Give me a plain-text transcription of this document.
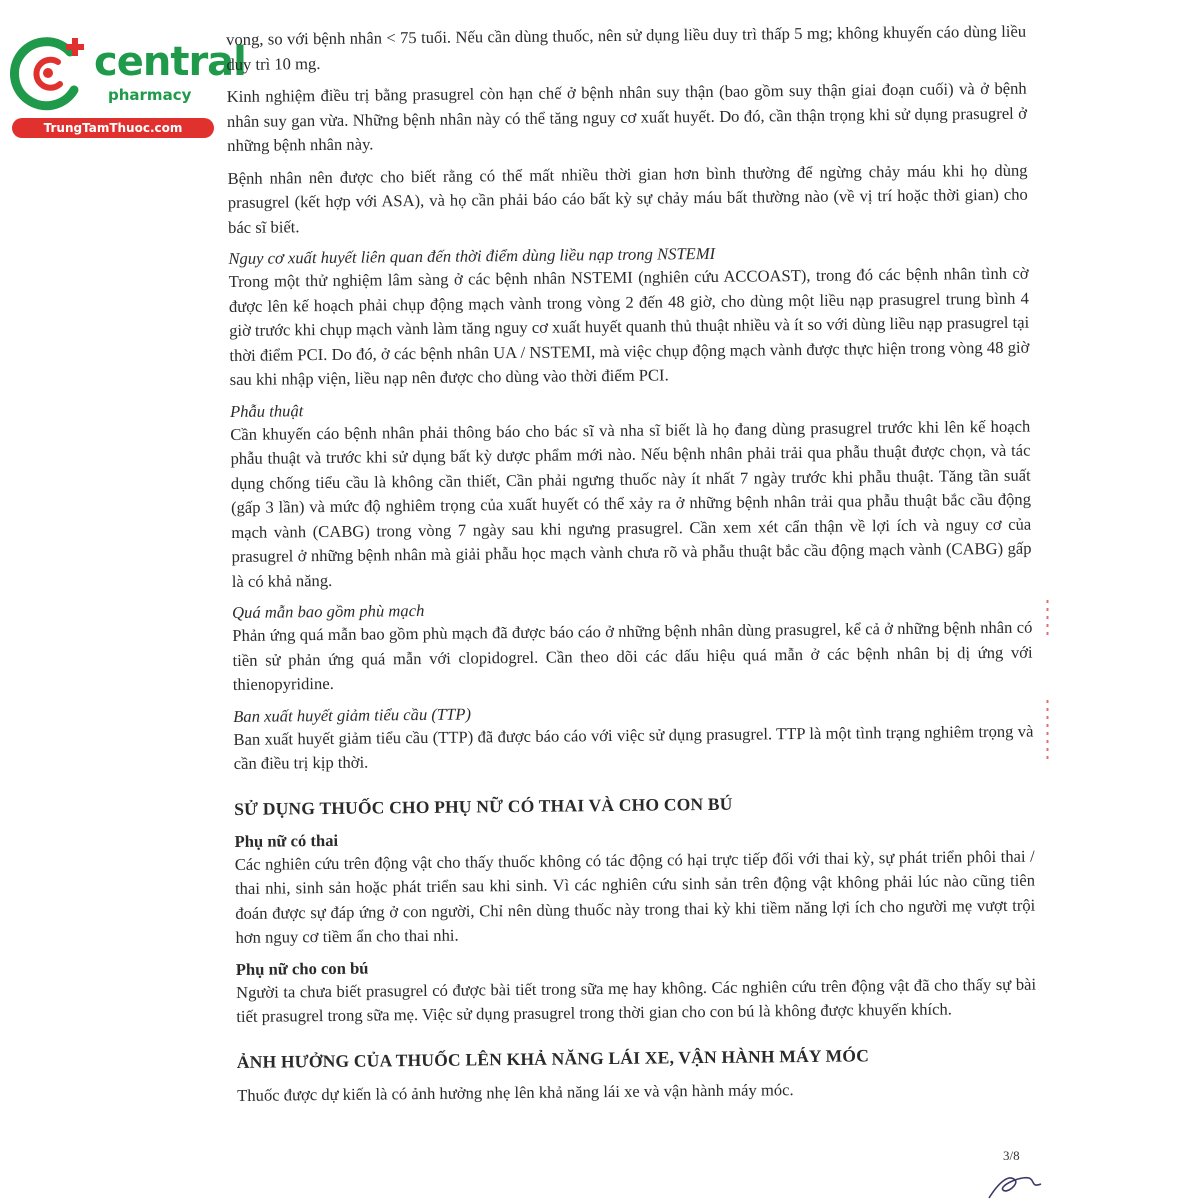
central
pharmacy
TrungTamThuoc.com
vong, so với bệnh nhân < 75 tuổi. Nếu cần dùng thuốc, nên sử dụng liều duy trì thấp 5 mg; không khuyến cáo dùng liều duy trì 10 mg.
Kinh nghiệm điều trị bằng prasugrel còn hạn chế ở bệnh nhân suy thận (bao gồm suy thận giai đoạn cuối) và ở bệnh nhân suy gan vừa. Những bệnh nhân này có thể tăng nguy cơ xuất huyết. Do đó, cần thận trọng khi sử dụng prasugrel ở những bệnh nhân này.
Bệnh nhân nên được cho biết rằng có thể mất nhiều thời gian hơn bình thường để ngừng chảy máu khi họ dùng prasugrel (kết hợp với ASA), và họ cần phải báo cáo bất kỳ sự chảy máu bất thường nào (về vị trí hoặc thời gian) cho bác sĩ biết.
Nguy cơ xuất huyết liên quan đến thời điểm dùng liều nạp trong NSTEMI
Trong một thử nghiệm lâm sàng ở các bệnh nhân NSTEMI (nghiên cứu ACCOAST), trong đó các bệnh nhân tình cờ được lên kế hoạch phải chụp động mạch vành trong vòng 2 đến 48 giờ, cho dùng một liều nạp prasugrel trung bình 4 giờ trước khi chụp mạch vành làm tăng nguy cơ xuất huyết quanh thủ thuật nhiều và ít so với dùng liều nạp prasugrel tại thời điểm PCI. Do đó, ở các bệnh nhân UA / NSTEMI, mà việc chụp động mạch vành được thực hiện trong vòng 48 giờ sau khi nhập viện, liều nạp nên được cho dùng vào thời điểm PCI.
Phẫu thuật
Cần khuyến cáo bệnh nhân phải thông báo cho bác sĩ và nha sĩ biết là họ đang dùng prasugrel trước khi lên kế hoạch phẫu thuật và trước khi sử dụng bất kỳ dược phẩm mới nào. Nếu bệnh nhân phải trải qua phẫu thuật được chọn, và tác dụng chống tiểu cầu là không cần thiết, Cần phải ngưng thuốc này ít nhất 7 ngày trước khi phẫu thuật. Tăng tần suất (gấp 3 lần) và mức độ nghiêm trọng của xuất huyết có thể xảy ra ở những bệnh nhân trải qua phẫu thuật bắc cầu động mạch vành (CABG) trong vòng 7 ngày sau khi ngưng prasugrel. Cần xem xét cẩn thận về lợi ích và nguy cơ của prasugrel ở những bệnh nhân mà giải phẫu học mạch vành chưa rõ và phẫu thuật bắc cầu động mạch vành (CABG) gấp là có khả năng.
Quá mẫn bao gồm phù mạch
Phản ứng quá mẫn bao gồm phù mạch đã được báo cáo ở những bệnh nhân dùng prasugrel, kể cả ở những bệnh nhân có tiền sử phản ứng quá mẫn với clopidogrel. Cần theo dõi các dấu hiệu quá mẫn ở các bệnh nhân bị dị ứng với thienopyridine.
Ban xuất huyết giảm tiểu cầu (TTP)
Ban xuất huyết giảm tiểu cầu (TTP) đã được báo cáo với việc sử dụng prasugrel. TTP là một tình trạng nghiêm trọng và cần điều trị kịp thời.
SỬ DỤNG THUỐC CHO PHỤ NỮ CÓ THAI VÀ CHO CON BÚ
Phụ nữ có thai
Các nghiên cứu trên động vật cho thấy thuốc không có tác động có hại trực tiếp đối với thai kỳ, sự phát triển phôi thai / thai nhi, sinh sản hoặc phát triển sau khi sinh. Vì các nghiên cứu sinh sản trên động vật không phải lúc nào cũng tiên đoán được sự đáp ứng ở con người, Chỉ nên dùng thuốc này trong thai kỳ khi tiềm năng lợi ích cho người mẹ vượt trội hơn nguy cơ tiềm ẩn cho thai nhi.
Phụ nữ cho con bú
Người ta chưa biết prasugrel có được bài tiết trong sữa mẹ hay không. Các nghiên cứu trên động vật đã cho thấy sự bài tiết prasugrel trong sữa mẹ. Việc sử dụng prasugrel trong thời gian cho con bú là không được khuyến khích.
ẢNH HƯỞNG CỦA THUỐC LÊN KHẢ NĂNG LÁI XE, VẬN HÀNH MÁY MÓC
Thuốc được dự kiến là có ảnh hưởng nhẹ lên khả năng lái xe và vận hành máy móc.
3/8
